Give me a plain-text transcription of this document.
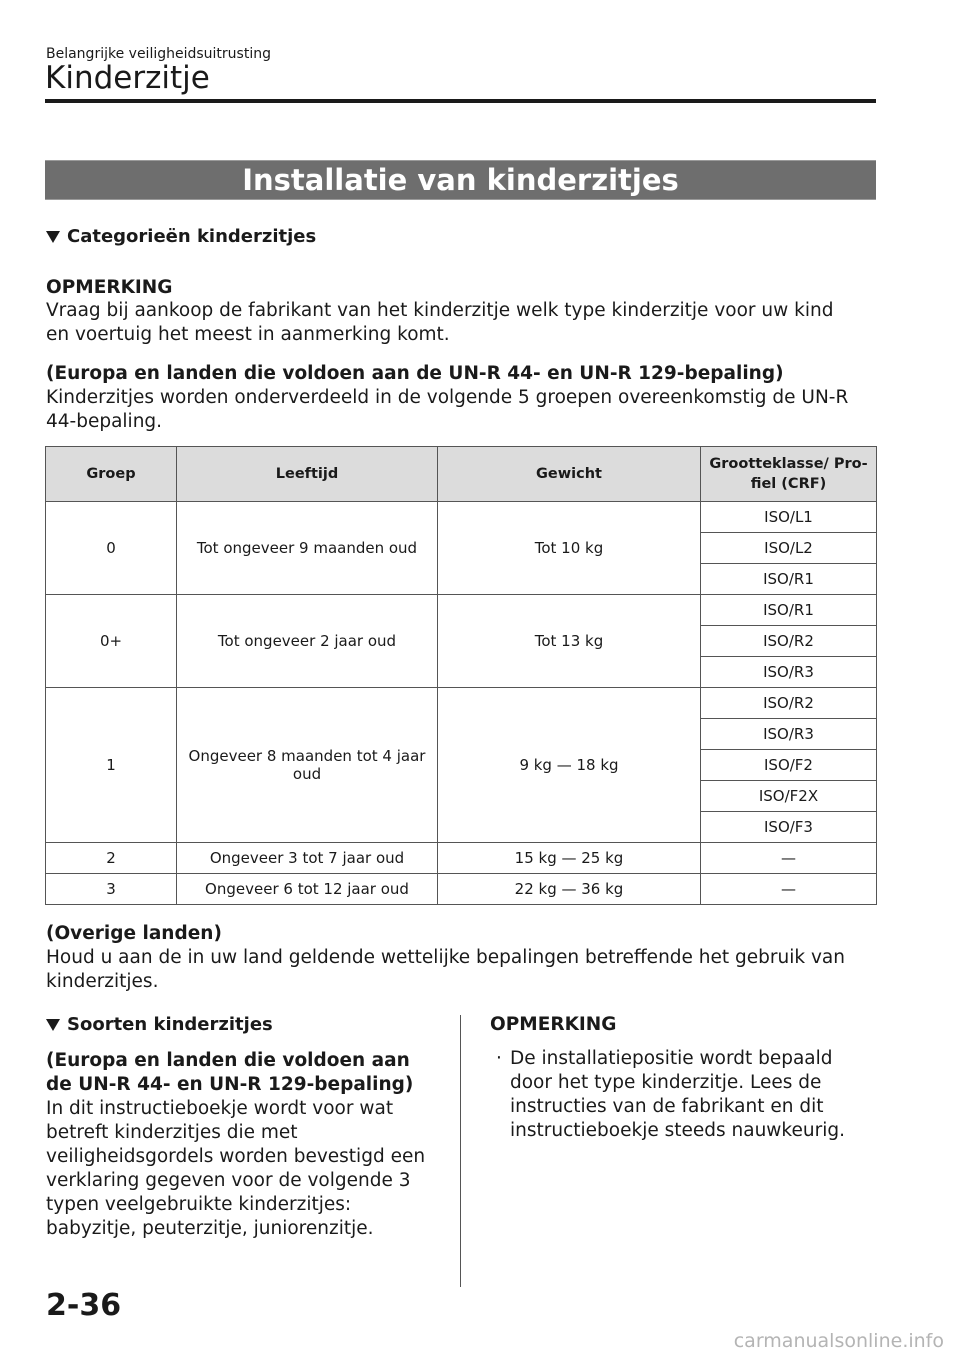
Belangrijke veiligheidsuitrusting
Kinderzitje
Installatie van kinderzitjes
Categorieën kinderzitjes
OPMERKING
Vraag bij aankoop de fabrikant van het kinderzitje welk type kinderzitje voor uw kind en voertuig het meest in aanmerking komt.
(Europa en landen die voldoen aan de UN‑R 44- en UN‑R 129-bepaling)
Kinderzitjes worden onderverdeeld in de volgende 5 groepen overeenkomstig de UN‑R 44-bepaling.
Groep	Leeftijd	Gewicht	Grootteklasse/ Pro-fiel (CRF)
0	Tot ongeveer 9 maanden oud	Tot 10 kg	ISO/L1
			ISO/L2
			ISO/R1
0+	Tot ongeveer 2 jaar oud	Tot 13 kg	ISO/R1
			ISO/R2
			ISO/R3
1	Ongeveer 8 maanden tot 4 jaar oud	9 kg — 18 kg	ISO/R2
			ISO/R3
			ISO/F2
			ISO/F2X
			ISO/F3
2	Ongeveer 3 tot 7 jaar oud	15 kg — 25 kg	—
3	Ongeveer 6 tot 12 jaar oud	22 kg — 36 kg	—
(Overige landen)
Houd u aan de in uw land geldende wettelijke bepalingen betreffende het gebruik van kinderzitjes.
Soorten kinderzitjes
(Europa en landen die voldoen aan de UN‑R 44- en UN‑R 129-bepaling)
In dit instructieboekje wordt voor wat betreft kinderzitjes die met veiligheidsgordels worden bevestigd een verklaring gegeven voor de volgende 3 typen veelgebruikte kinderzitjes: babyzitje, peuterzitje, juniorenzitje.
OPMERKING
· De installatiepositie wordt bepaald door het type kinderzitje. Lees de instructies van de fabrikant en dit instructieboekje steeds nauwkeurig.
2-36
carmanualsonline.info
